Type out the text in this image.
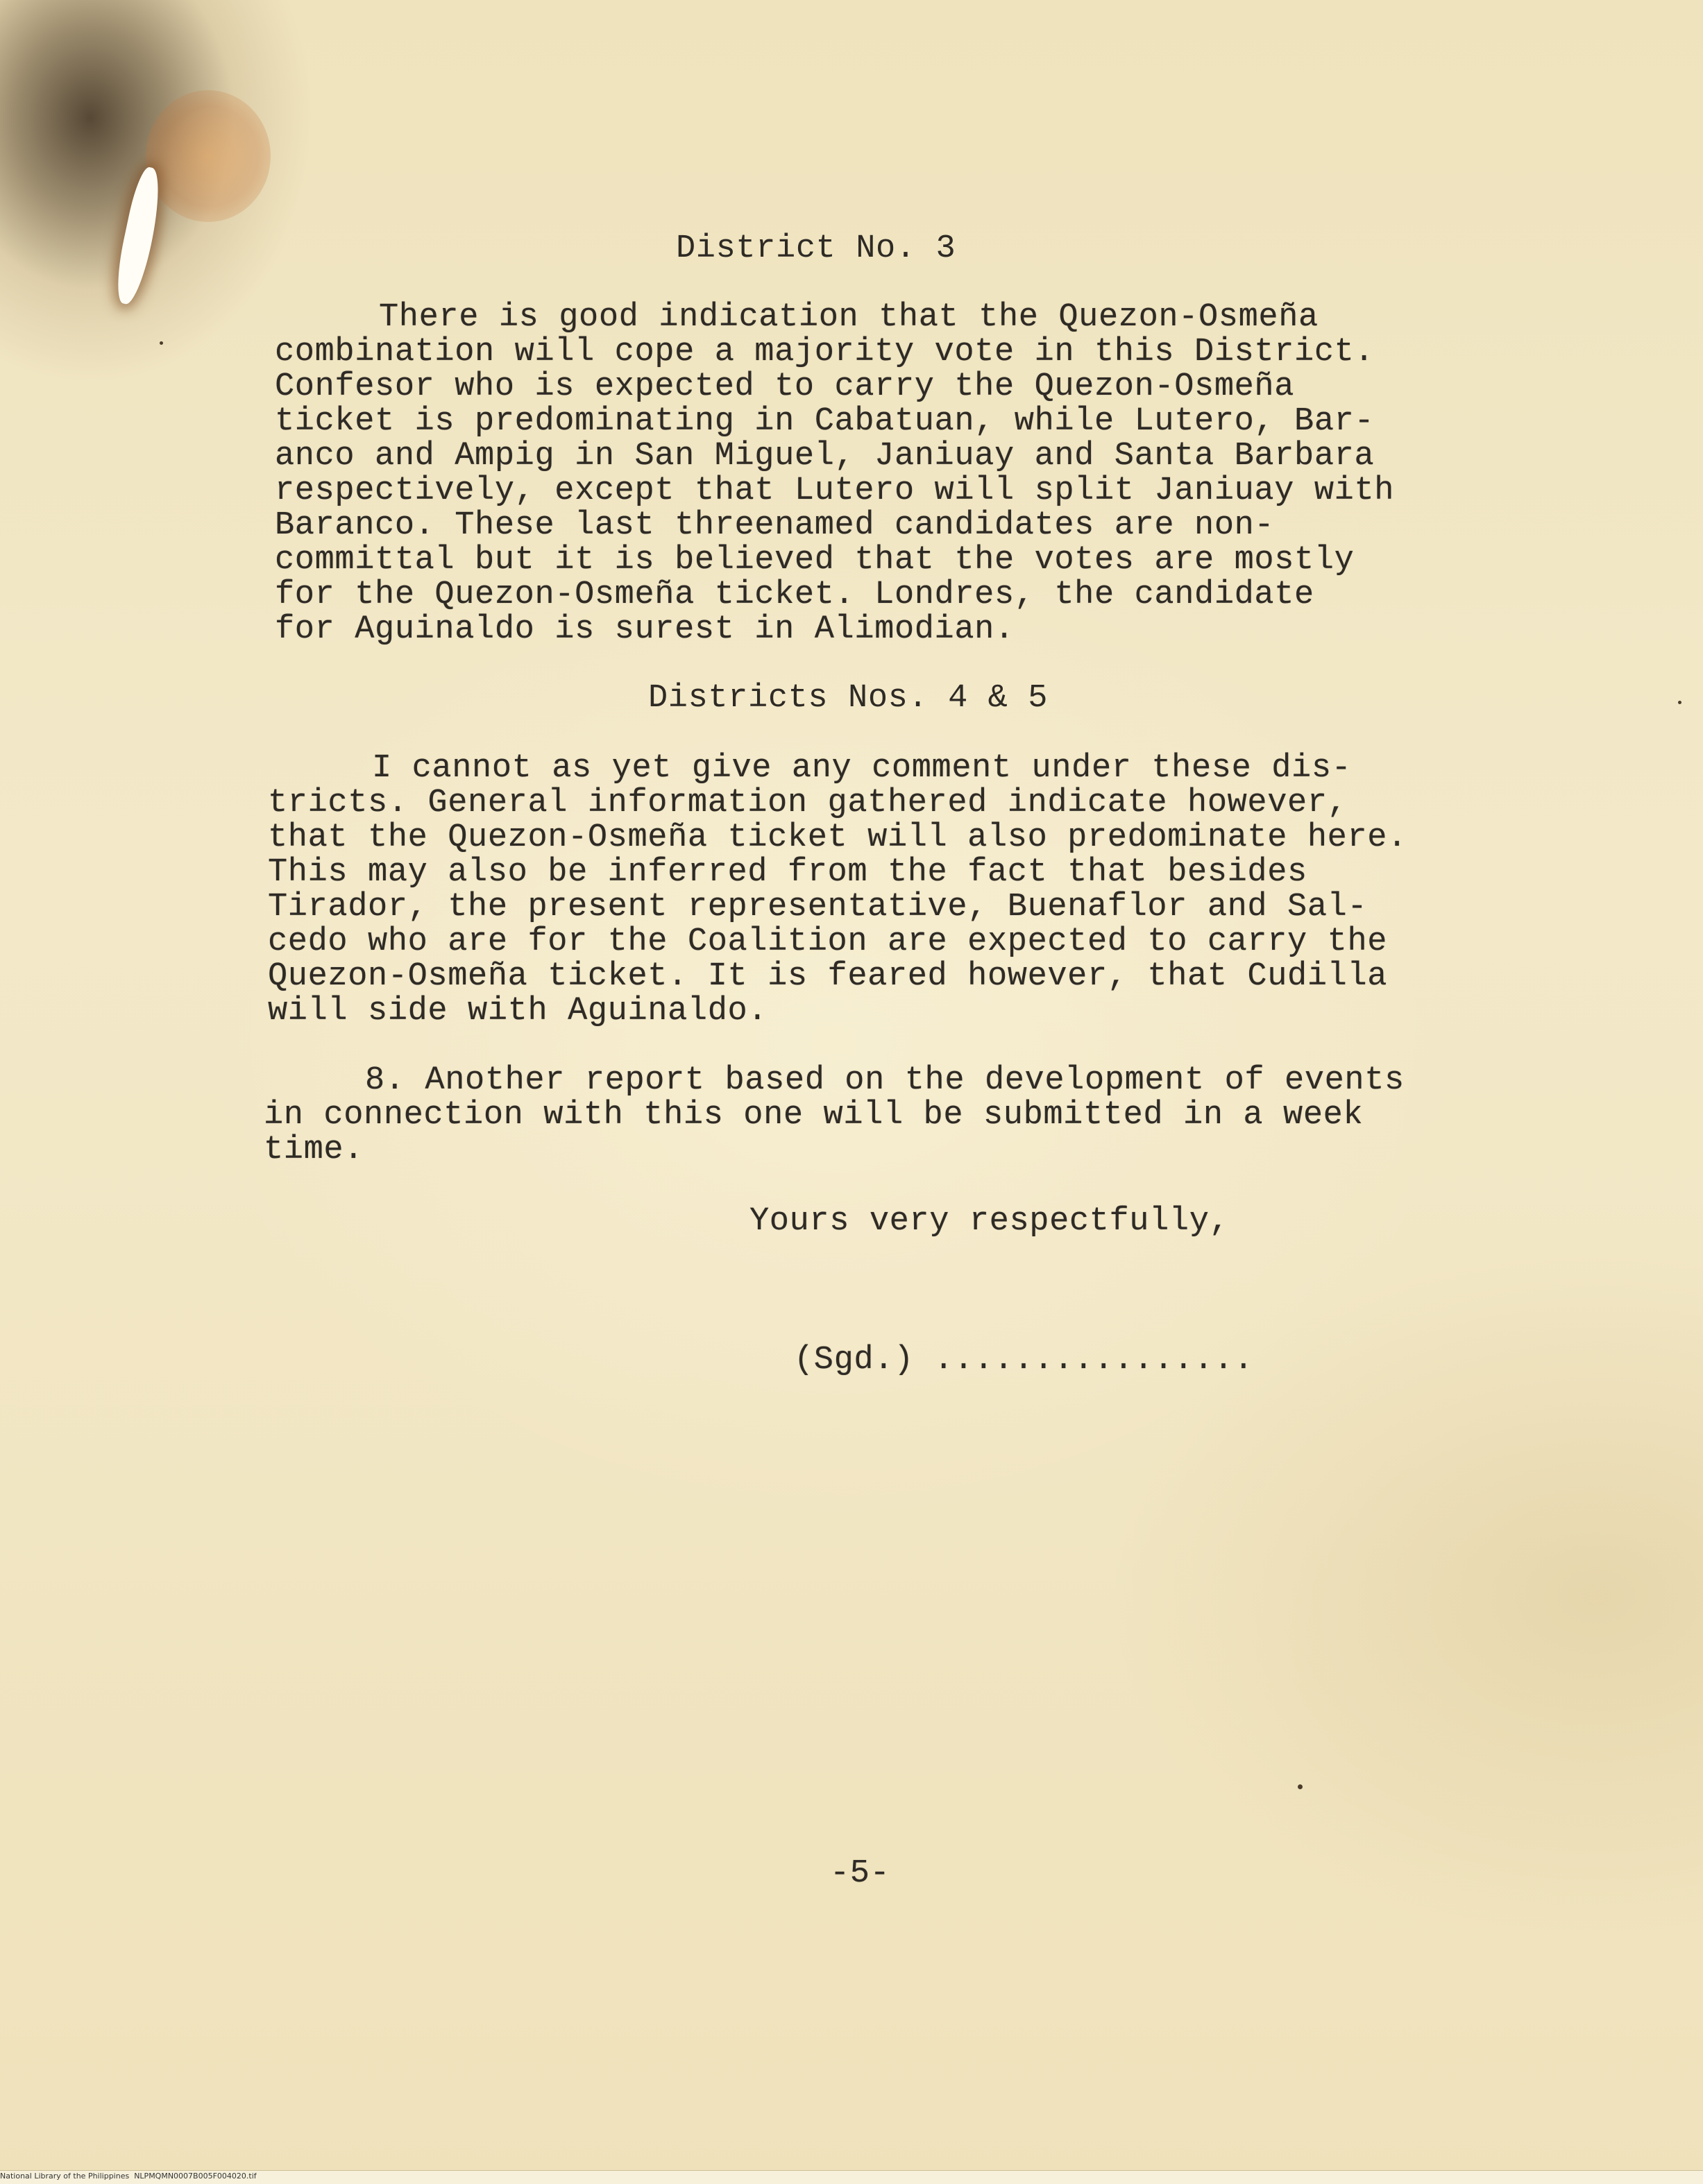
District No. 3
There is good indication that the Quezon-Osmeña
combination will cope a majority vote in this District.
Confesor who is expected to carry the Quezon-Osmeña
ticket is predominating in Cabatuan, while Lutero, Bar-
anco and Ampig in San Miguel, Janiuay and Santa Barbara
respectively, except that Lutero will split Janiuay with
Baranco. These last threenamed candidates are non-
committal but it is believed that the votes are mostly
for the Quezon-Osmeña ticket. Londres, the candidate
for Aguinaldo is surest in Alimodian.
Districts Nos. 4 & 5
I cannot as yet give any comment under these dis-
tricts. General information gathered indicate however,
that the Quezon-Osmeña ticket will also predominate here.
This may also be inferred from the fact that besides
Tirador, the present representative, Buenaflor and Sal-
cedo who are for the Coalition are expected to carry the
Quezon-Osmeña ticket. It is feared however, that Cudilla
will side with Aguinaldo.
8. Another report based on the development of events
in connection with this one will be submitted in a week
time.
Yours very respectfully,
(Sgd.) ................
-5-
National Library of the Philippines  NLPMQMN0007B005F004020.tif
